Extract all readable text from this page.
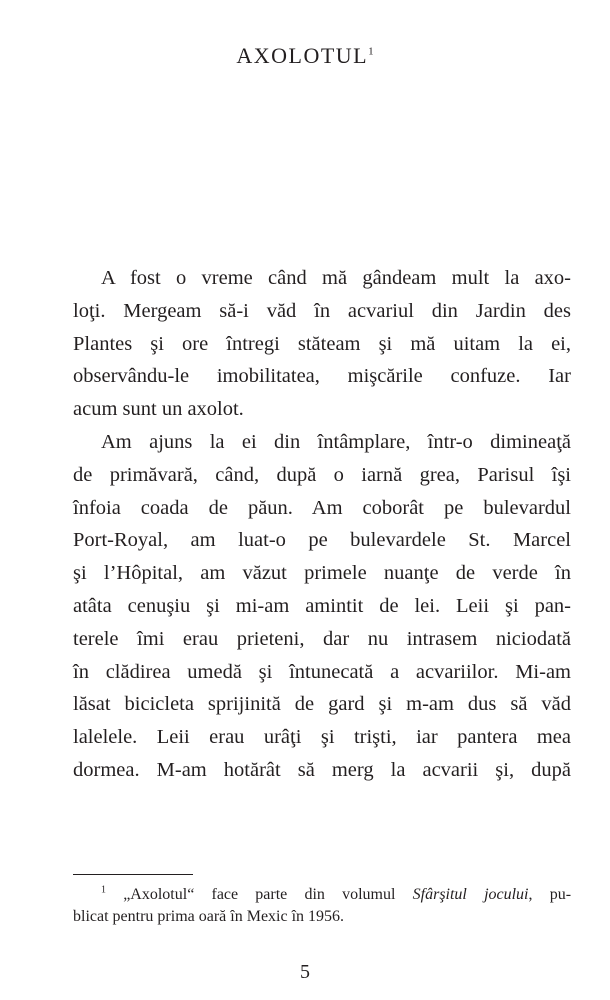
AXOLOTUL$^1$
A fost o vreme când mă gândeam mult la axo-
loţi. Mergeam să-i văd în acvariul din Jardin des
Plantes şi ore întregi stăteam şi mă uitam la ei,
observându-le imobilitatea, mişcările confuze. Iar
acum sunt un axolot.
Am ajuns la ei din întâmplare, într-o dimineaţă
de primăvară, când, după o iarnă grea, Parisul îşi
înfoia coada de păun. Am coborât pe bulevardul
Port-Royal, am luat-o pe bulevardele St. Marcel
şi l’Hôpital, am văzut primele nuanţe de verde în
atâta cenuşiu şi mi-am amintit de lei. Leii şi pan-
terele îmi erau prieteni, dar nu intrasem niciodată
în clădirea umedă şi întunecată a acvariilor. Mi-am
lăsat bicicleta sprijinită de gard şi m-am dus să văd
lalelele. Leii erau urâţi şi trişti, iar pantera mea
dormea. M-am hotărât să merg la acvarii şi, după
$^1$ „Axolotul“ face parte din volumul Sfârşitul jocului, pu-
blicat pentru prima oară în Mexic în 1956.
5
